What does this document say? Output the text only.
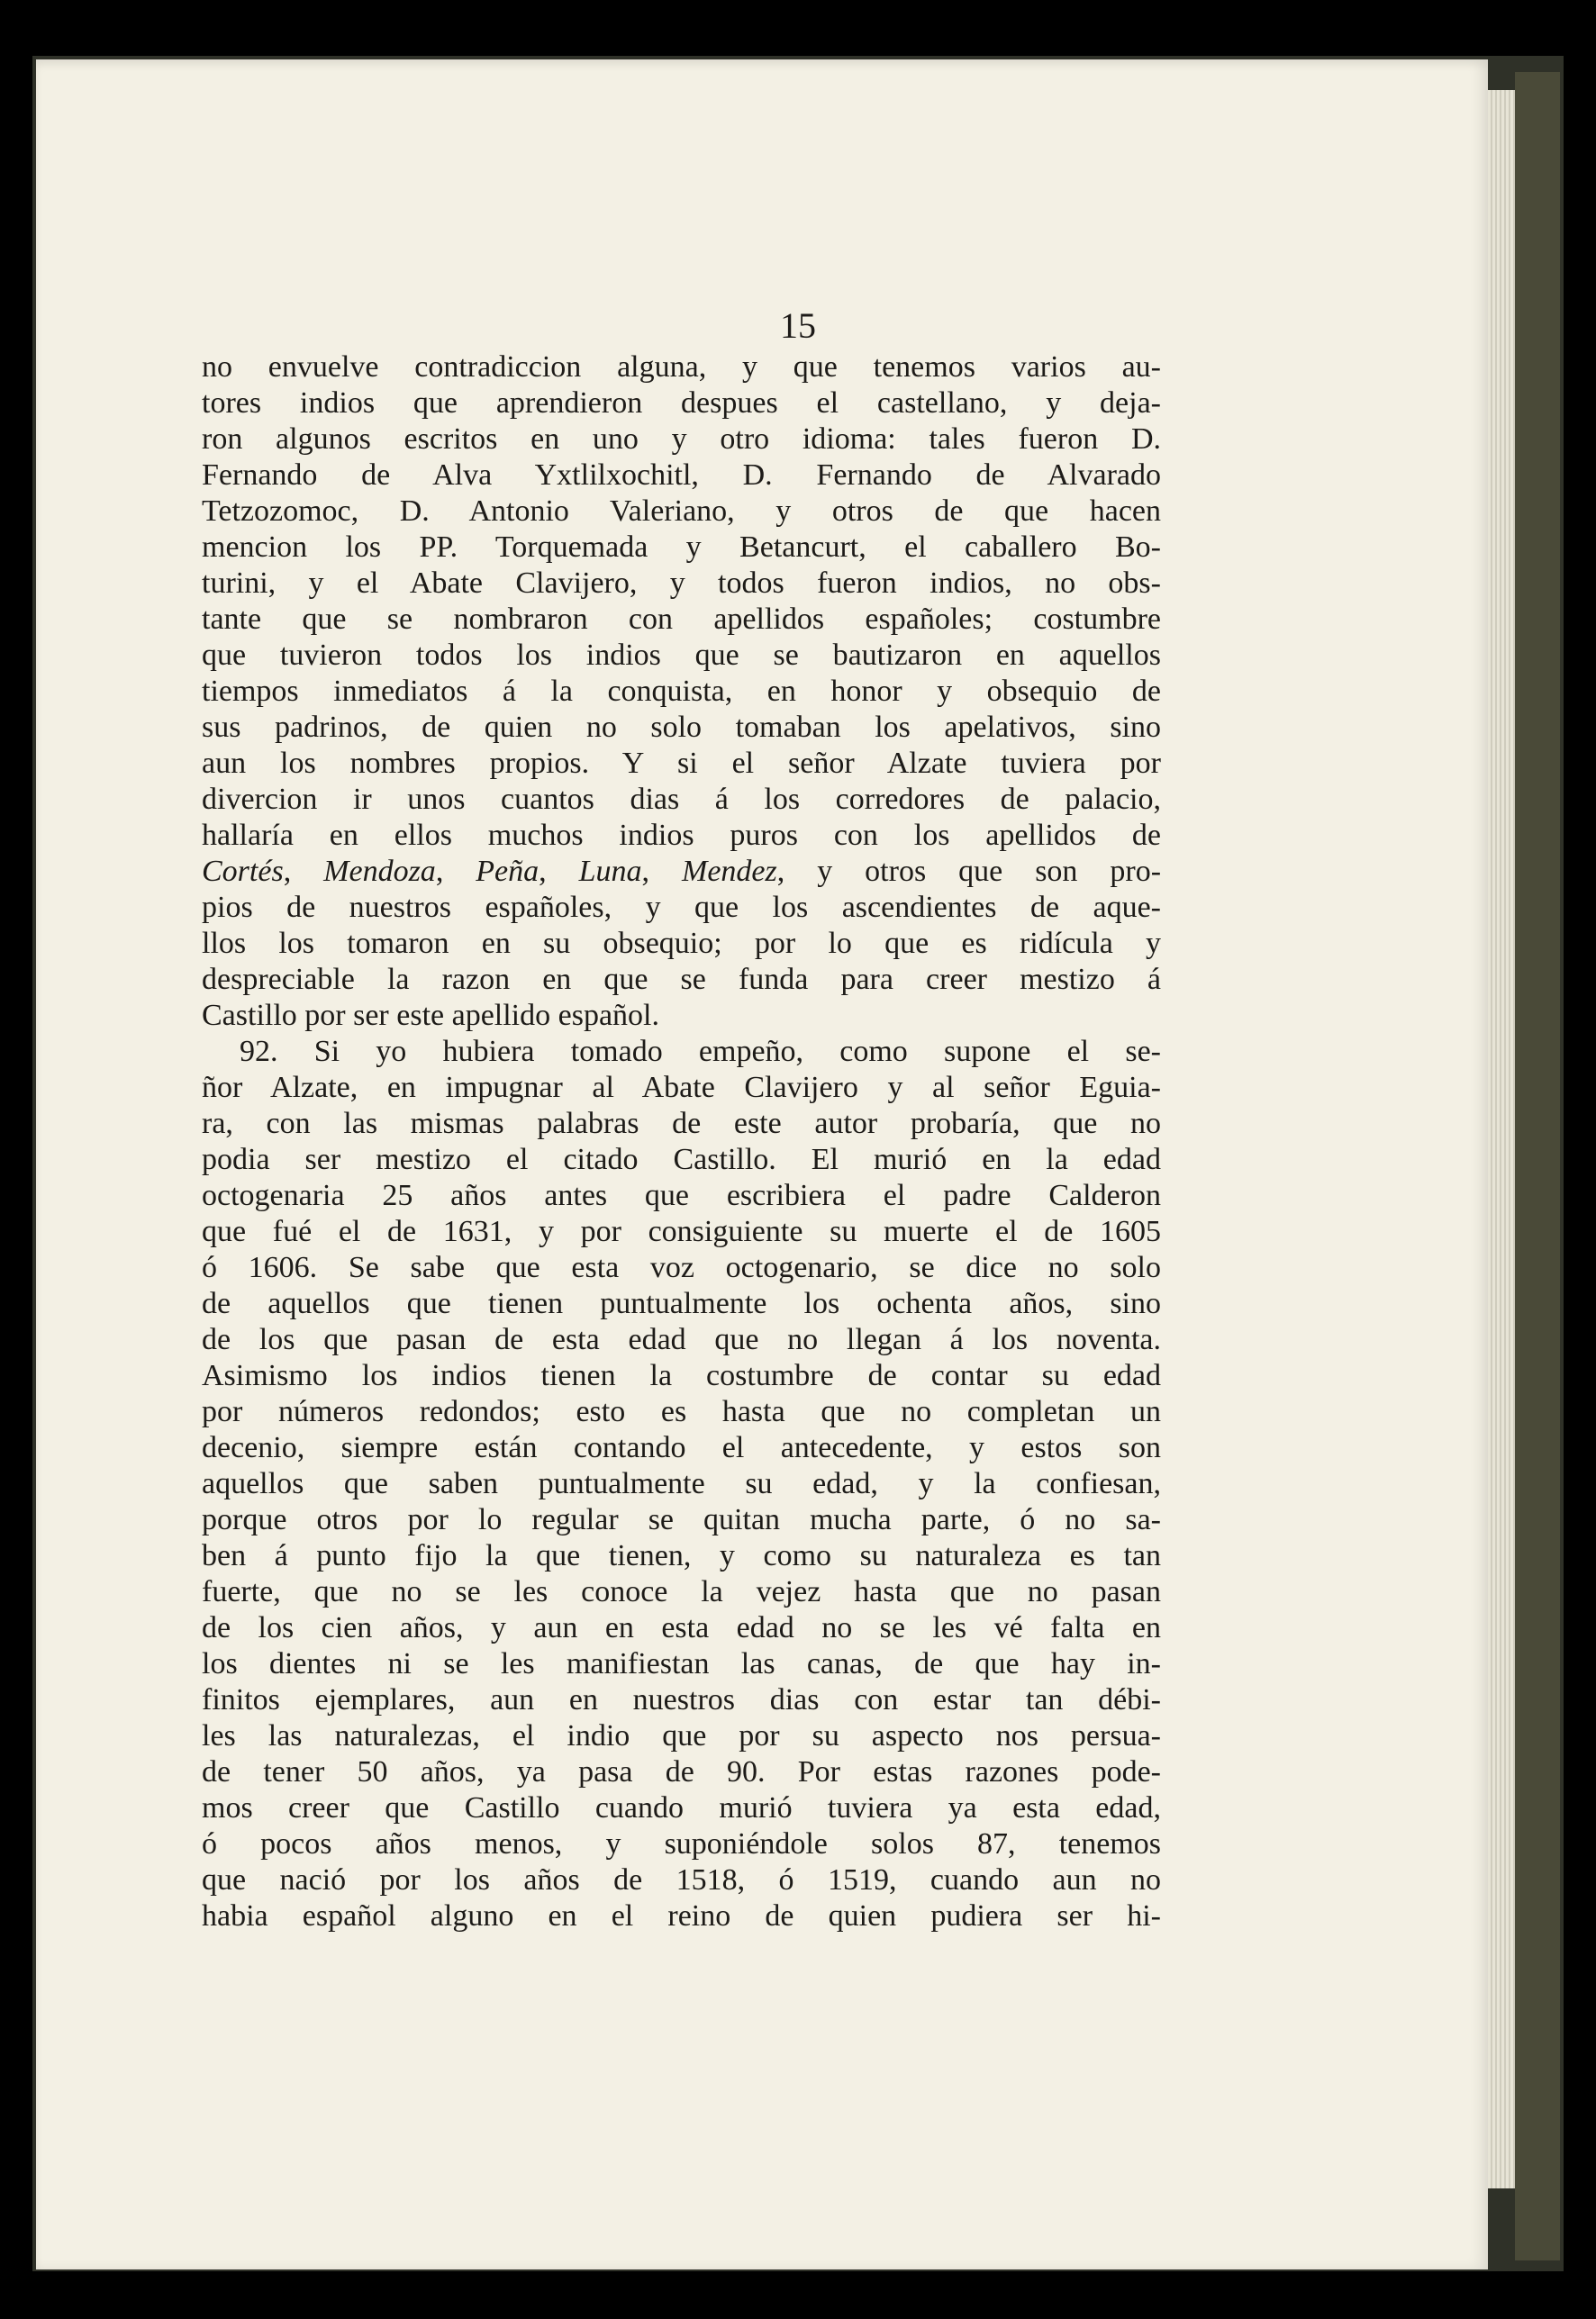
15
no envuelve contradiccion alguna, y que tenemos varios au-
tores indios que aprendieron despues el castellano, y deja-
ron algunos escritos en uno y otro idioma: tales fueron D.
Fernando de Alva Yxtlilxochitl, D. Fernando de Alvarado
Tetzozomoc, D. Antonio Valeriano, y otros de que hacen
mencion los PP. Torquemada y Betancurt, el caballero Bo-
turini, y el Abate Clavijero, y todos fueron indios, no obs-
tante que se nombraron con apellidos españoles; costumbre
que tuvieron todos los indios que se bautizaron en aquellos
tiempos inmediatos á la conquista, en honor y obsequio de
sus padrinos, de quien no solo tomaban los apelativos, sino
aun los nombres propios. Y si el señor Alzate tuviera por
divercion ir unos cuantos dias á los corredores de palacio,
hallaría en ellos muchos indios puros con los apellidos de
Cortés, Mendoza, Peña, Luna, Mendez, y otros que son pro-
pios de nuestros españoles, y que los ascendientes de aque-
llos los tomaron en su obsequio; por lo que es ridícula y
despreciable la razon en que se funda para creer mestizo á
Castillo por ser este apellido español.
92. Si yo hubiera tomado empeño, como supone el se-
ñor Alzate, en impugnar al Abate Clavijero y al señor Eguia-
ra, con las mismas palabras de este autor probaría, que no
podia ser mestizo el citado Castillo. El murió en la edad
octogenaria 25 años antes que escribiera el padre Calderon
que fué el de 1631, y por consiguiente su muerte el de 1605
ó 1606. Se sabe que esta voz octogenario, se dice no solo
de aquellos que tienen puntualmente los ochenta años, sino
de los que pasan de esta edad que no llegan á los noventa.
Asimismo los indios tienen la costumbre de contar su edad
por números redondos; esto es hasta que no completan un
decenio, siempre están contando el antecedente, y estos son
aquellos que saben puntualmente su edad, y la confiesan,
porque otros por lo regular se quitan mucha parte, ó no sa-
ben á punto fijo la que tienen, y como su naturaleza es tan
fuerte, que no se les conoce la vejez hasta que no pasan
de los cien años, y aun en esta edad no se les vé falta en
los dientes ni se les manifiestan las canas, de que hay in-
finitos ejemplares, aun en nuestros dias con estar tan débi-
les las naturalezas, el indio que por su aspecto nos persua-
de tener 50 años, ya pasa de 90. Por estas razones pode-
mos creer que Castillo cuando murió tuviera ya esta edad,
ó pocos años menos, y suponiéndole solos 87, tenemos
que nació por los años de 1518, ó 1519, cuando aun no
habia español alguno en el reino de quien pudiera ser hi-
